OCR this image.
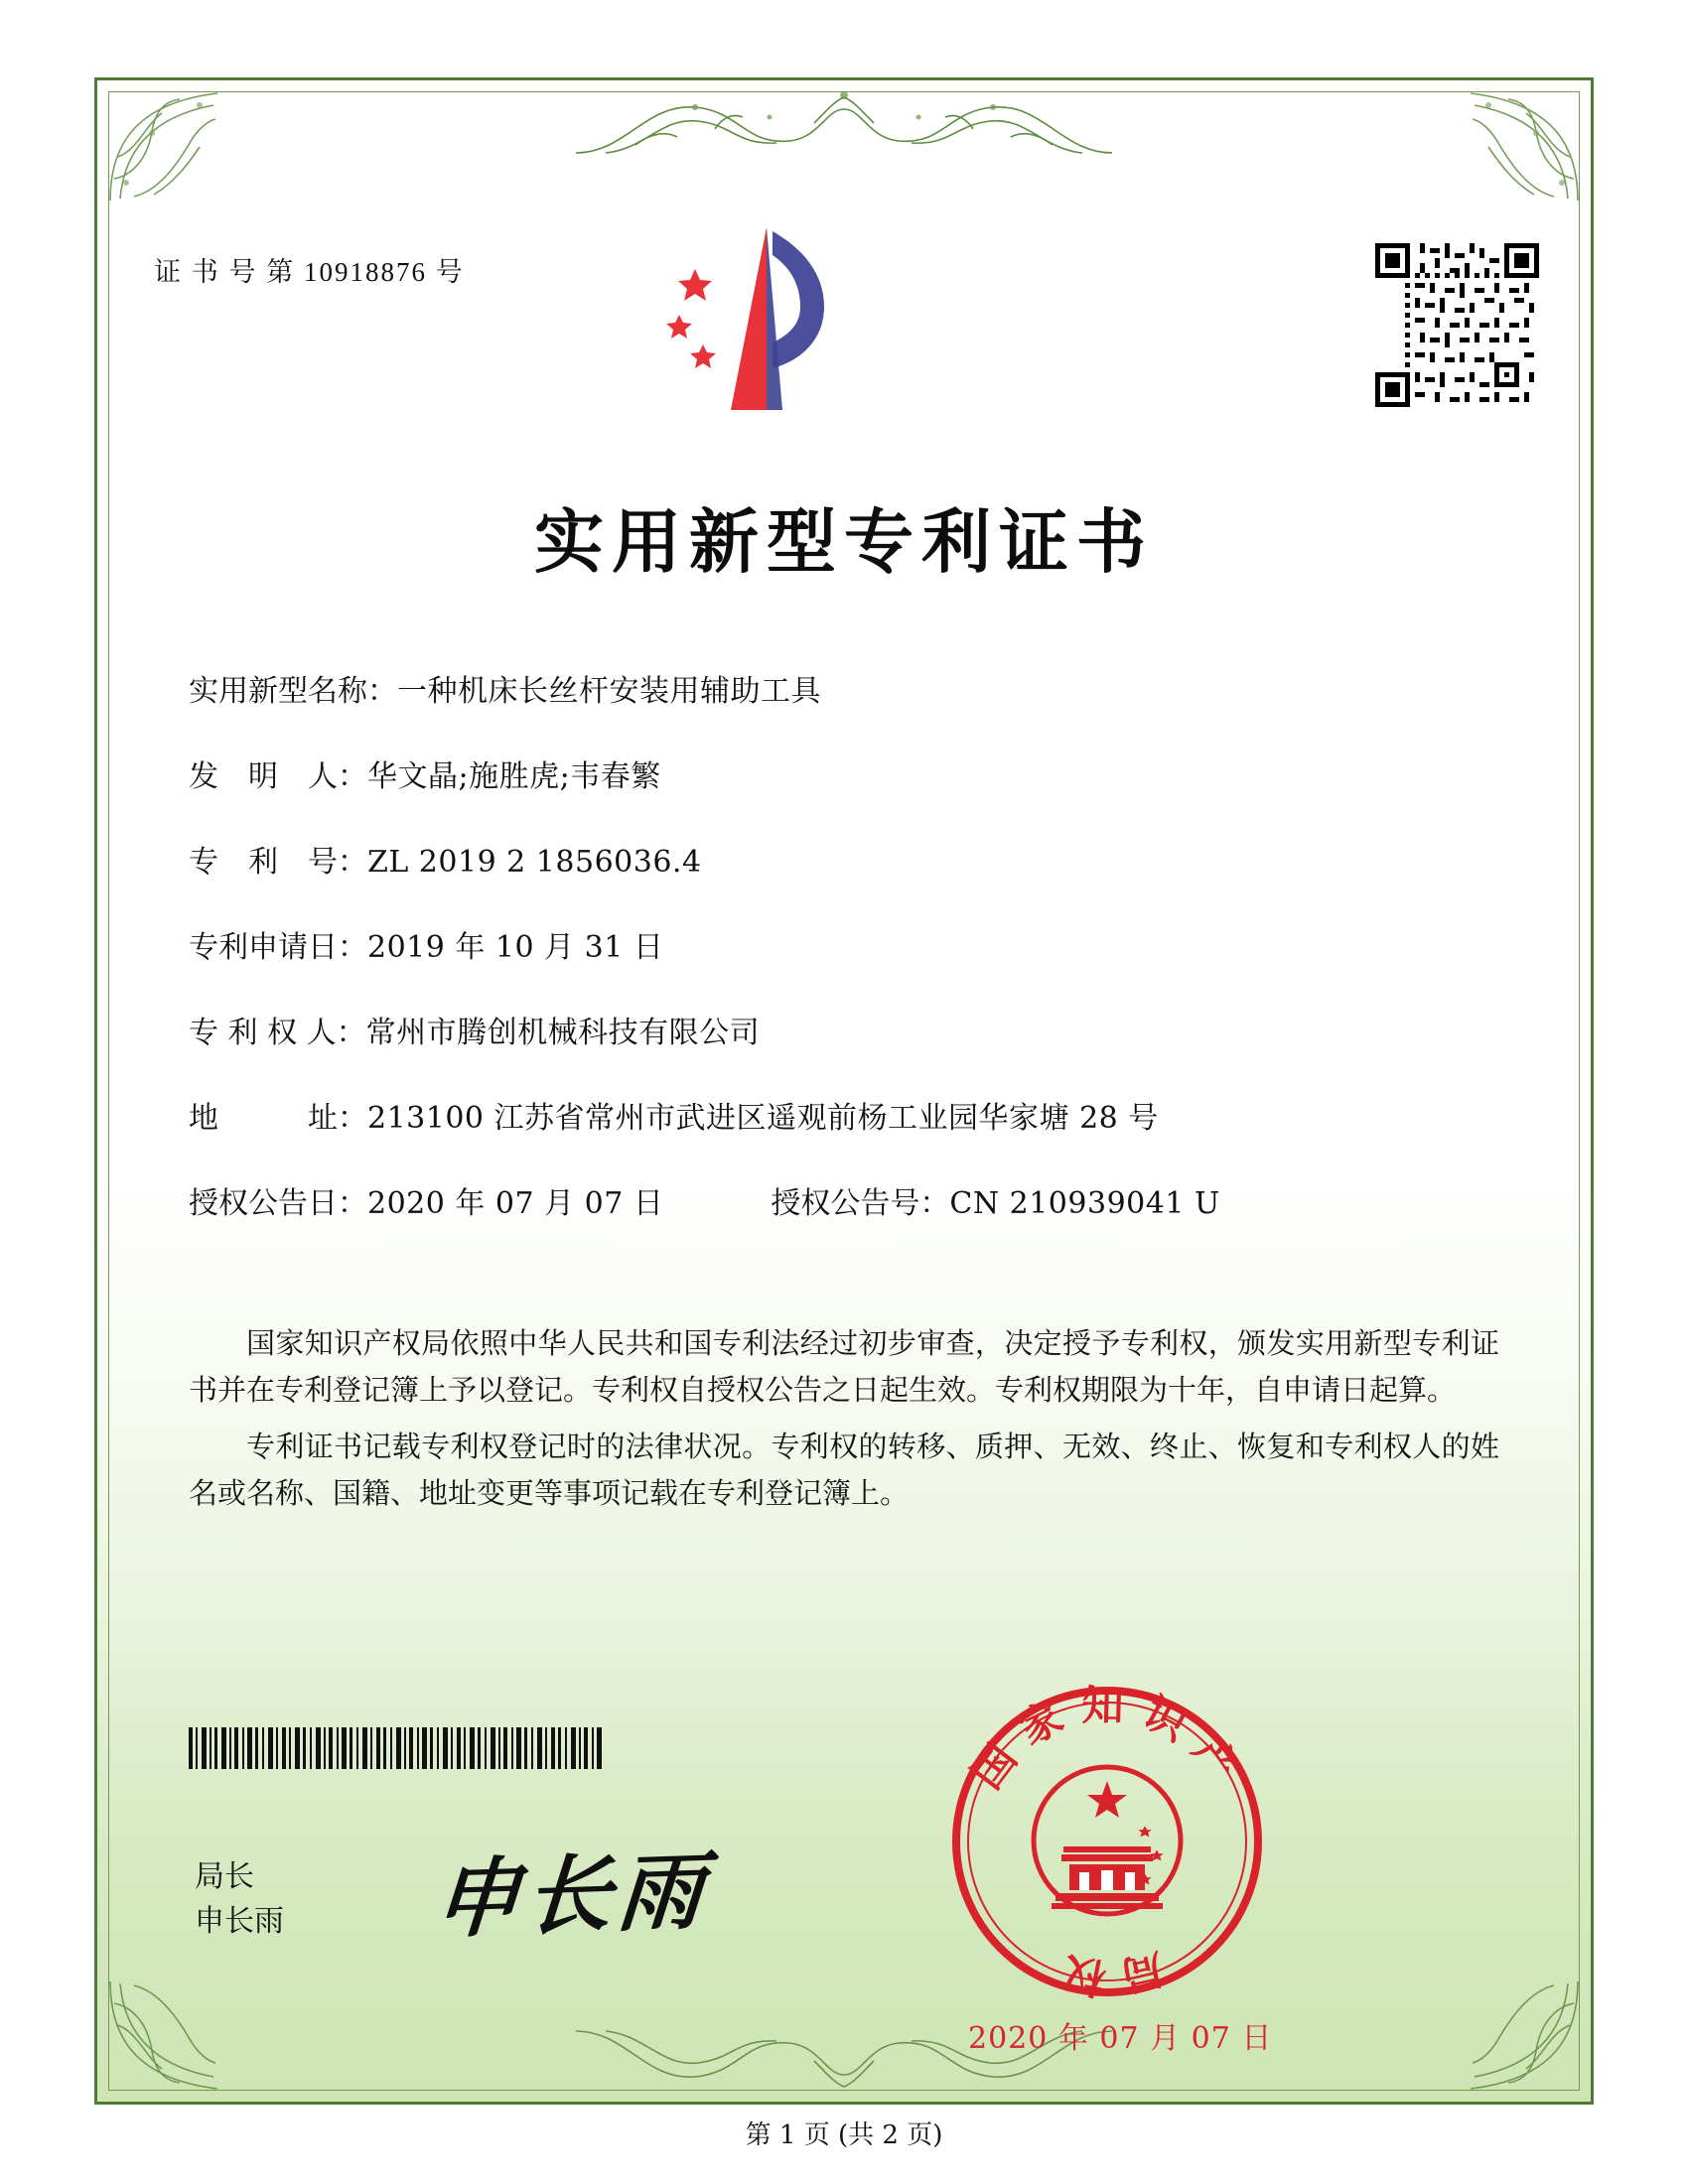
证 书 号 第 10918876 号
实用新型专利证书
实用新型名称： 一种机床长丝杆安装用辅助工具
发　明　人： 华文晶;施胜虎;韦春繁
专　利　号： ZL 2019 2 1856036.4
专利申请日： 2019 年 10 月 31 日
专 利 权 人： 常州市腾创机械科技有限公司
地　　　址： 213100 江苏省常州市武进区遥观前杨工业园华家塘 28 号
授权公告日： 2020 年 07 月 07 日	授权公告号： CN 210939041 U
国家知识产权局依照中华人民共和国专利法经过初步审查，决定授予专利权，颁发实用新型专利证书并在专利登记簿上予以登记。专利权自授权公告之日起生效。专利权期限为十年，自申请日起算。
专利证书记载专利权登记时的法律状况。专利权的转移、质押、无效、终止、恢复和专利权人的姓名或名称、国籍、地址变更等事项记载在专利登记簿上。
局长
申长雨 申长雨
国家知识产
局权
2020 年 07 月 07 日
第 1 页 (共 2 页)
